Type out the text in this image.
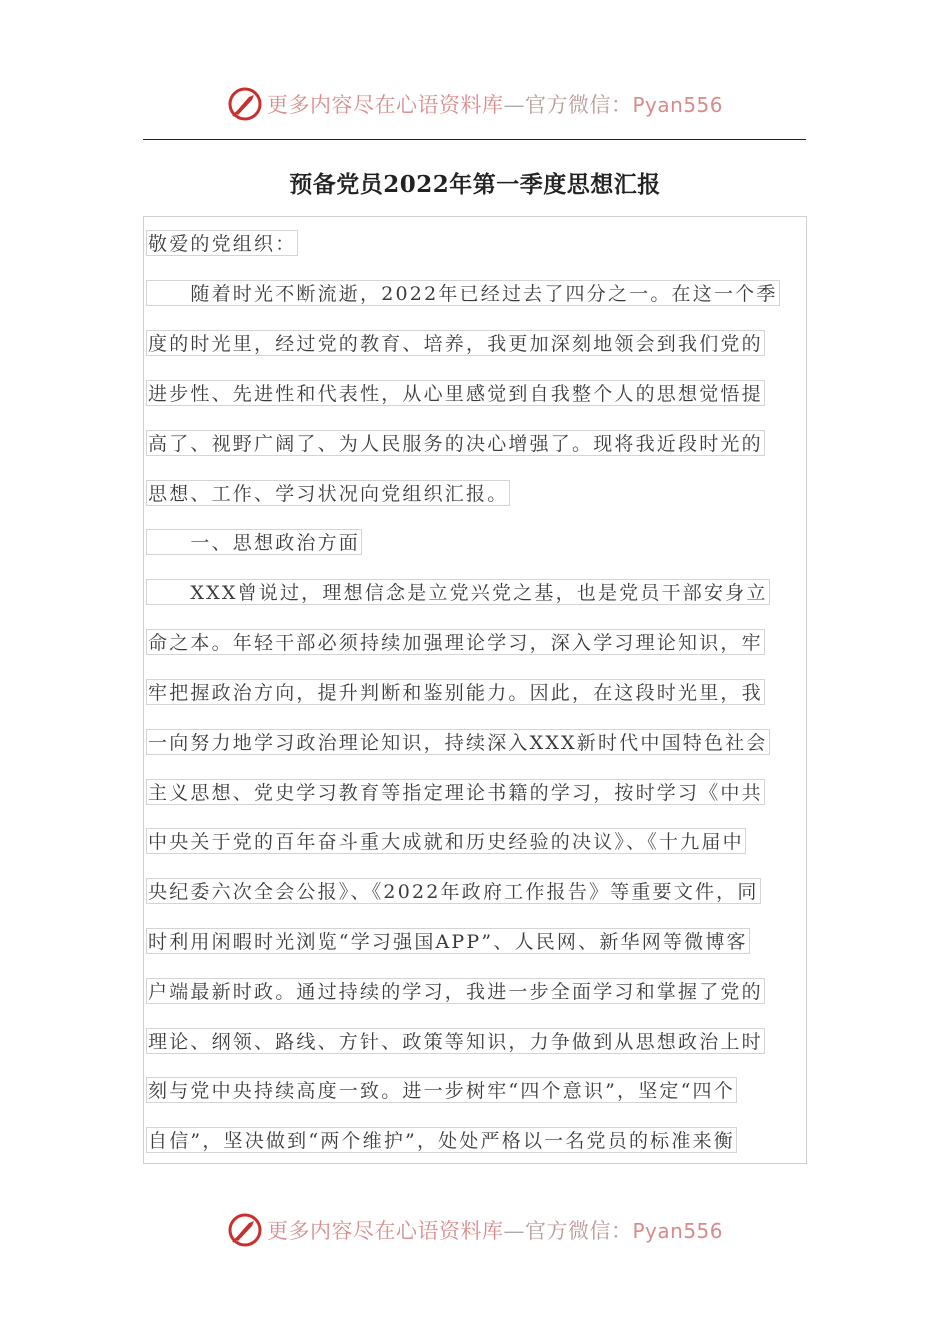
更多内容尽在心语资料库—官方微信：Pyan556
预备党员2022年第一季度思想汇报
敬爱的党组织：
　　随着时光不断流逝，2022年已经过去了四分之一。在这一个季
度的时光里，经过党的教育、培养，我更加深刻地领会到我们党的
进步性、先进性和代表性，从心里感觉到自我整个人的思想觉悟提
高了、视野广阔了、为人民服务的决心增强了。现将我近段时光的
思想、工作、学习状况向党组织汇报。
　　一、思想政治方面
　　XXX曾说过，理想信念是立党兴党之基，也是党员干部安身立
命之本。年轻干部必须持续加强理论学习，深入学习理论知识，牢
牢把握政治方向，提升判断和鉴别能力。因此，在这段时光里，我
一向努力地学习政治理论知识，持续深入XXX新时代中国特色社会
主义思想、党史学习教育等指定理论书籍的学习，按时学习《中共
中央关于党的百年奋斗重大成就和历史经验的决议》、《十九届中
央纪委六次全会公报》、《2022年政府工作报告》等重要文件，同
时利用闲暇时光浏览“学习强国APP”、人民网、新华网等微博客
户端最新时政。通过持续的学习，我进一步全面学习和掌握了党的
理论、纲领、路线、方针、政策等知识，力争做到从思想政治上时
刻与党中央持续高度一致。进一步树牢“四个意识”，坚定“四个
自信”，坚决做到“两个维护”，处处严格以一名党员的标准来衡
更多内容尽在心语资料库—官方微信：Pyan556
